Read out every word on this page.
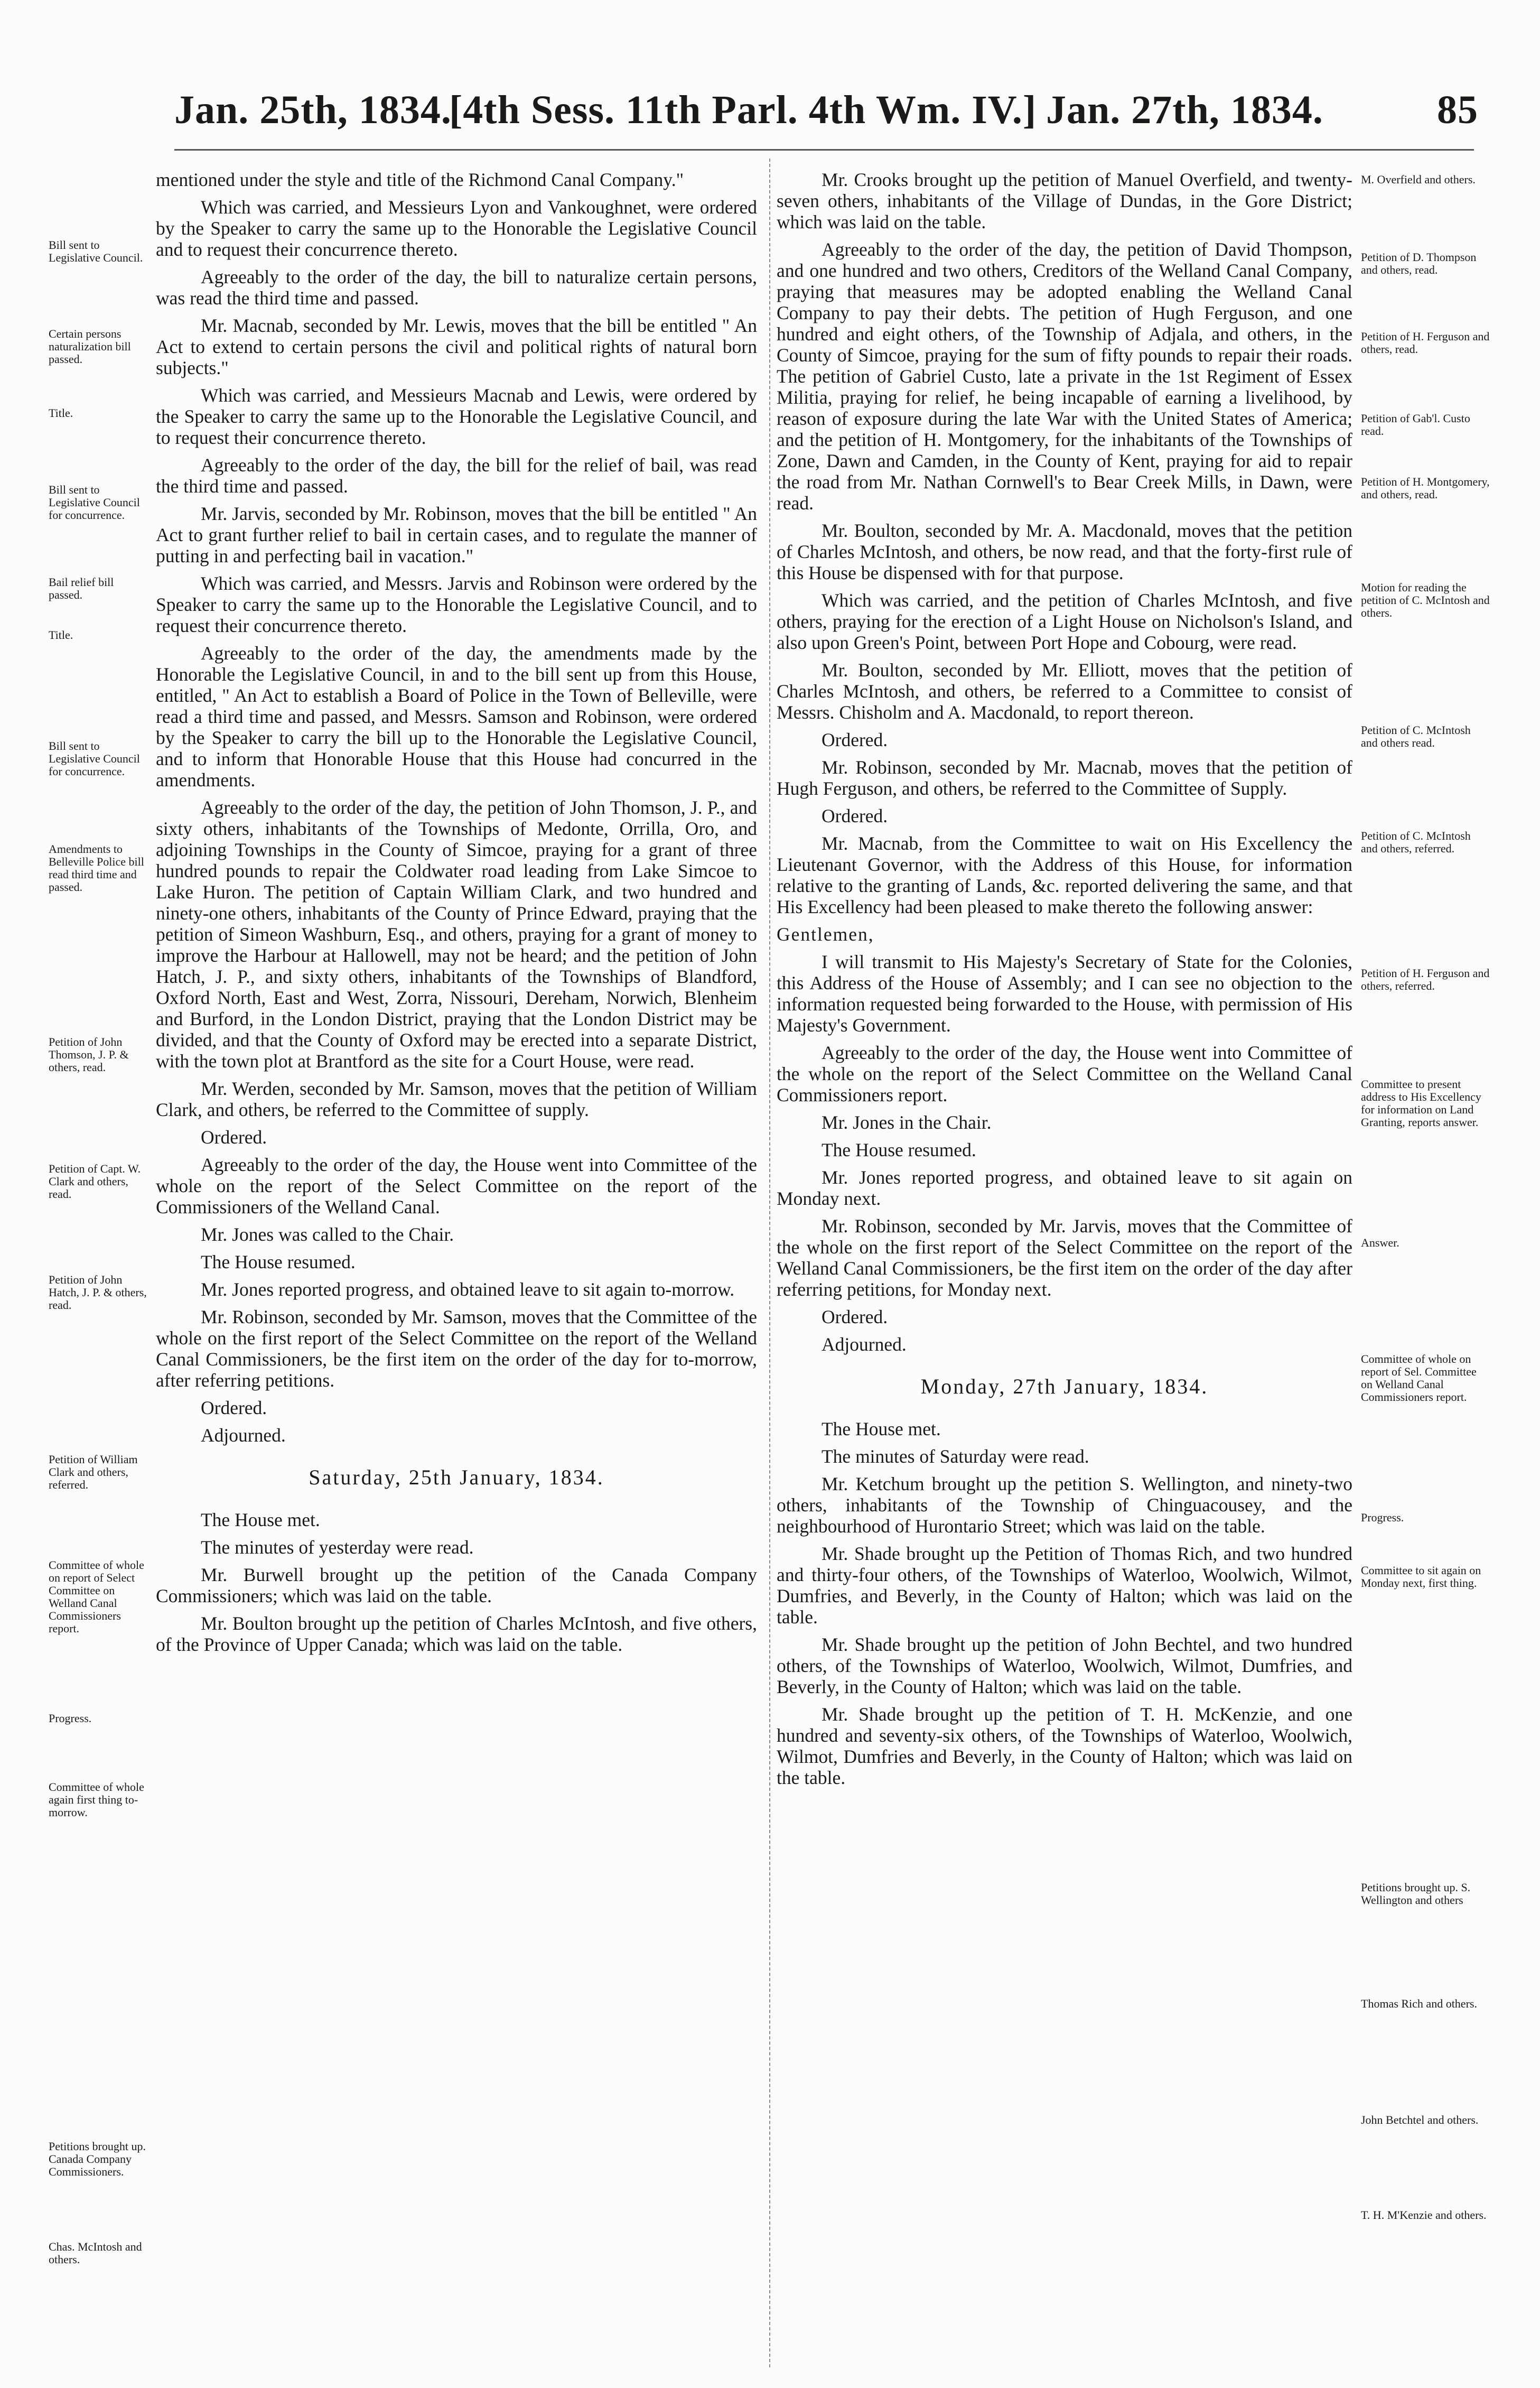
Jan. 25th, 1834.
[4th Sess. 11th Parl. 4th Wm. IV.] Jan. 27th, 1834.	85

mentioned under the style and title of the Richmond Canal Company."

Which was carried, and Messieurs Lyon and Vankoughnet, were ordered by the Speaker to carry the same up to the Honorable the Legislative Council and to request their concurrence thereto.

Agreeably to the order of the day, the bill to naturalize certain persons, was read the third time and passed.

Mr. Macnab, seconded by Mr. Lewis, moves that the bill be entitled " An Act to extend to certain persons the civil and political rights of natural born subjects."

Which was carried, and Messieurs Macnab and Lewis, were ordered by the Speaker to carry the same up to the Honorable the Legislative Council, and to request their concurrence thereto.

Agreeably to the order of the day, the bill for the relief of bail, was read the third time and passed.

Mr. Jarvis, seconded by Mr. Robinson, moves that the bill be entitled " An Act to grant further relief to bail in certain cases, and to regulate the manner of putting in and perfecting bail in vacation."

Which was carried, and Messrs. Jarvis and Robinson were ordered by the Speaker to carry the same up to the Honorable the Legislative Council, and to request their concurrence thereto.

Agreeably to the order of the day, the amendments made by the Honorable the Legislative Council, in and to the bill sent up from this House, entitled, " An Act to establish a Board of Police in the Town of Belleville, were read a third time and passed, and Messrs. Samson and Robinson, were ordered by the Speaker to carry the bill up to the Honorable the Legislative Council, and to inform that Honorable House that this House had concurred in the amendments.

Agreeably to the order of the day, the petition of John Thomson, J. P., and sixty others, inhabitants of the Townships of Medonte, Orrilla, Oro, and adjoining Townships in the County of Simcoe, praying for a grant of three hundred pounds to repair the Coldwater road leading from Lake Simcoe to Lake Huron. The petition of Captain William Clark, and two hundred and ninety-one others, inhabitants of the County of Prince Edward, praying that the petition of Simeon Washburn, Esq., and others, praying for a grant of money to improve the Harbour at Hallowell, may not be heard; and the petition of John Hatch, J. P., and sixty others, inhabitants of the Townships of Blandford, Oxford North, East and West, Zorra, Nissouri, Dereham, Norwich, Blenheim and Burford, in the London District, praying that the London District may be divided, and that the County of Oxford may be erected into a separate District, with the town plot at Brantford as the site for a Court House, were read.

Mr. Werden, seconded by Mr. Samson, moves that the petition of William Clark, and others, be referred to the Committee of supply.

Ordered.

Agreeably to the order of the day, the House went into Committee of the whole on the report of the Select Committee on the report of the Commissioners of the Welland Canal.

Mr. Jones was called to the Chair.
The House resumed.

Mr. Jones reported progress, and obtained leave to sit again to-morrow.

Mr. Robinson, seconded by Mr. Samson, moves that the Committee of the whole on the first report of the Select Committee on the report of the Welland Canal Commissioners, be the first item on the order of the day for to-morrow, after referring petitions.

Ordered.
Adjourned.
Saturday, 25th January, 1834.
The House met.
The minutes of yesterday were read.

Mr. Burwell brought up the petition of the Canada Company Commissioners; which was laid on the table.

Mr. Boulton brought up the petition of Charles McIntosh, and five others, of the Province of Upper Canada; which was laid on the table.

Mr. Crooks brought up the petition of Manuel Overfield, and twenty-seven others, inhabitants of the Village of Dundas, in the Gore District; which was laid on the table.

Agreeably to the order of the day, the petition of David Thompson, and one hundred and two others, Creditors of the Welland Canal Company, praying that measures may be adopted enabling the Welland Canal Company to pay their debts. The petition of Hugh Ferguson, and one hundred and eight others, of the Township of Adjala, and others, in the County of Simcoe, praying for the sum of fifty pounds to repair their roads. The petition of Gabriel Custo, late a private in the 1st Regiment of Essex Militia, praying for relief, he being incapable of earning a livelihood, by reason of exposure during the late War with the United States of America; and the petition of H. Montgomery, for the inhabitants of the Townships of Zone, Dawn and Camden, in the County of Kent, praying for aid to repair the road from Mr. Nathan Cornwell's to Bear Creek Mills, in Dawn, were read.

Mr. Boulton, seconded by Mr. A. Macdonald, moves that the petition of Charles McIntosh, and others, be now read, and that the forty-first rule of this House be dispensed with for that purpose.

Which was carried, and the petition of Charles McIntosh, and five others, praying for the erection of a Light House on Nicholson's Island, and also upon Green's Point, between Port Hope and Cobourg, were read.

Mr. Boulton, seconded by Mr. Elliott, moves that the petition of Charles McIntosh, and others, be referred to a Committee to consist of Messrs. Chisholm and A. Macdonald, to report thereon.

Ordered.

Mr. Robinson, seconded by Mr. Macnab, moves that the petition of Hugh Ferguson, and others, be referred to the Committee of Supply.

Ordered.

Mr. Macnab, from the Committee to wait on His Excellency the Lieutenant Governor, with the Address of this House, for information relative to the granting of Lands, &c. reported delivering the same, and that His Excellency had been pleased to make thereto the following answer:

Gentlemen,

I will transmit to His Majesty's Secretary of State for the Colonies, this Address of the House of Assembly; and I can see no objection to the information requested being forwarded to the House, with permission of His Majesty's Government.

Agreeably to the order of the day, the House went into Committee of the whole on the report of the Select Committee on the Welland Canal Commissioners report.

Mr. Jones in the Chair.
The House resumed.

Mr. Jones reported progress, and obtained leave to sit again on Monday next.

Mr. Robinson, seconded by Mr. Jarvis, moves that the Committee of the whole on the first report of the Select Committee on the report of the Welland Canal Commissioners, be the first item on the order of the day after referring petitions, for Monday next.

Ordered.
Adjourned.
Monday, 27th January, 1834.
The House met.
The minutes of Saturday were read.

Mr. Ketchum brought up the petition S. Wellington, and ninety-two others, inhabitants of the Township of Chinguacousey, and the neighbourhood of Hurontario Street; which was laid on the table.

Mr. Shade brought up the Petition of Thomas Rich, and two hundred and thirty-four others, of the Townships of Waterloo, Woolwich, Wilmot, Dumfries, and Beverly, in the County of Halton; which was laid on the table.

Mr. Shade brought up the petition of John Bechtel, and two hundred others, of the Townships of Waterloo, Woolwich, Wilmot, Dumfries, and Beverly, in the County of Halton; which was laid on the table.

Mr. Shade brought up the petition of T. H. McKenzie, and one hundred and seventy-six others, of the Townships of Waterloo, Woolwich, Wilmot, Dumfries and Beverly, in the County of Halton; which was laid on the table.

Bill sent to Legislative Council.
Certain persons naturalization bill passed.
Title.
Bill sent to Legislative Council for concurrence.
Bail relief bill passed.
Title.
Bill sent to Legislative Council for concurrence.
Amendments to Belleville Police bill read third time and passed.
Petition of John Thomson, J. P. & others, read.
Petition of Capt. W. Clark and others, read.
Petition of John Hatch, J. P. & others, read.
Petition of William Clark and others, referred.
Committee of whole on report of Select Committee on Welland Canal Commissioners report.
Progress.
Committee of whole again first thing to-morrow.
Petitions brought up. Canada Company Commissioners.
Chas. McIntosh and others.
M. Overfield and others.
Petition of D. Thompson and others, read.
Petition of H. Ferguson and others, read.
Petition of Gab'l. Custo read.
Petition of H. Montgomery, and others, read.
Motion for reading the petition of C. McIntosh and others.
Petition of C. McIntosh and others read.
Petition of C. McIntosh and others, referred.
Petition of H. Ferguson and others, referred.
Committee to present address to His Excellency for information on Land Granting, reports answer.
Answer.
Committee of whole on report of Sel. Committee on Welland Canal Commissioners report.
Progress.
Committee to sit again on Monday next, first thing.
Petitions brought up. S. Wellington and others
Thomas Rich and others.
John Betchtel and others.
T. H. M'Kenzie and others.
